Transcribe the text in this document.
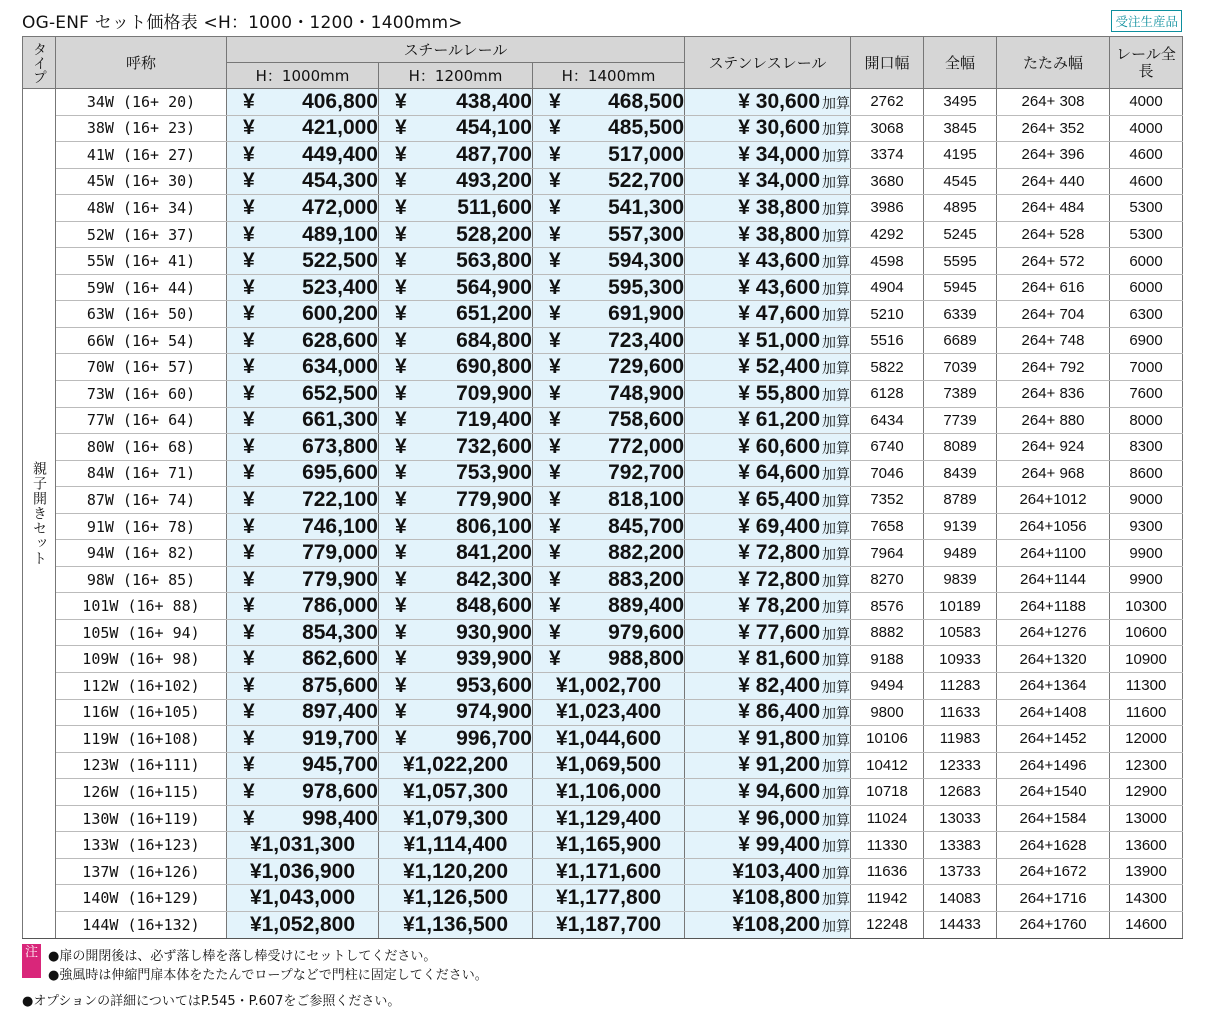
OG-ENF セット価格表 <H：1000・1200・1400mm>	受注生産品
タイプ	呼称	スチールレール			ステンレスレール	開口幅	全幅	たたみ幅	レール全長
		H：1000mm	H：1200mm	H：1400mm					
親子開きセット	34W (16+ 20)	¥ 406,800	¥ 438,400	¥ 468,500	¥ 30,600 加算	2762	3495	264+ 308	4000
	38W (16+ 23)	¥ 421,000	¥ 454,100	¥ 485,500	¥ 30,600 加算	3068	3845	264+ 352	4000
	41W (16+ 27)	¥ 449,400	¥ 487,700	¥ 517,000	¥ 34,000 加算	3374	4195	264+ 396	4600
	45W (16+ 30)	¥ 454,300	¥ 493,200	¥ 522,700	¥ 34,000 加算	3680	4545	264+ 440	4600
	48W (16+ 34)	¥ 472,000	¥ 511,600	¥ 541,300	¥ 38,800 加算	3986	4895	264+ 484	5300
	52W (16+ 37)	¥ 489,100	¥ 528,200	¥ 557,300	¥ 38,800 加算	4292	5245	264+ 528	5300
	55W (16+ 41)	¥ 522,500	¥ 563,800	¥ 594,300	¥ 43,600 加算	4598	5595	264+ 572	6000
	59W (16+ 44)	¥ 523,400	¥ 564,900	¥ 595,300	¥ 43,600 加算	4904	5945	264+ 616	6000
	63W (16+ 50)	¥ 600,200	¥ 651,200	¥ 691,900	¥ 47,600 加算	5210	6339	264+ 704	6300
	66W (16+ 54)	¥ 628,600	¥ 684,800	¥ 723,400	¥ 51,000 加算	5516	6689	264+ 748	6900
	70W (16+ 57)	¥ 634,000	¥ 690,800	¥ 729,600	¥ 52,400 加算	5822	7039	264+ 792	7000
	73W (16+ 60)	¥ 652,500	¥ 709,900	¥ 748,900	¥ 55,800 加算	6128	7389	264+ 836	7600
	77W (16+ 64)	¥ 661,300	¥ 719,400	¥ 758,600	¥ 61,200 加算	6434	7739	264+ 880	8000
	80W (16+ 68)	¥ 673,800	¥ 732,600	¥ 772,000	¥ 60,600 加算	6740	8089	264+ 924	8300
	84W (16+ 71)	¥ 695,600	¥ 753,900	¥ 792,700	¥ 64,600 加算	7046	8439	264+ 968	8600
	87W (16+ 74)	¥ 722,100	¥ 779,900	¥ 818,100	¥ 65,400 加算	7352	8789	264+1012	9000
	91W (16+ 78)	¥ 746,100	¥ 806,100	¥ 845,700	¥ 69,400 加算	7658	9139	264+1056	9300
	94W (16+ 82)	¥ 779,000	¥ 841,200	¥ 882,200	¥ 72,800 加算	7964	9489	264+1100	9900
	98W (16+ 85)	¥ 779,900	¥ 842,300	¥ 883,200	¥ 72,800 加算	8270	9839	264+1144	9900
	101W (16+ 88)	¥ 786,000	¥ 848,600	¥ 889,400	¥ 78,200 加算	8576	10189	264+1188	10300
	105W (16+ 94)	¥ 854,300	¥ 930,900	¥ 979,600	¥ 77,600 加算	8882	10583	264+1276	10600
	109W (16+ 98)	¥ 862,600	¥ 939,900	¥ 988,800	¥ 81,600 加算	9188	10933	264+1320	10900
	112W (16+102)	¥ 875,600	¥ 953,600	¥1,002,700	¥ 82,400 加算	9494	11283	264+1364	11300
	116W (16+105)	¥ 897,400	¥ 974,900	¥1,023,400	¥ 86,400 加算	9800	11633	264+1408	11600
	119W (16+108)	¥ 919,700	¥ 996,700	¥1,044,600	¥ 91,800 加算	10106	11983	264+1452	12000
	123W (16+111)	¥ 945,700	¥1,022,200	¥1,069,500	¥ 91,200 加算	10412	12333	264+1496	12300
	126W (16+115)	¥ 978,600	¥1,057,300	¥1,106,000	¥ 94,600 加算	10718	12683	264+1540	12900
	130W (16+119)	¥ 998,400	¥1,079,300	¥1,129,400	¥ 96,000 加算	11024	13033	264+1584	13000
	133W (16+123)	¥1,031,300	¥1,114,400	¥1,165,900	¥ 99,400 加算	11330	13383	264+1628	13600
	137W (16+126)	¥1,036,900	¥1,120,200	¥1,171,600	¥103,400 加算	11636	13733	264+1672	13900
	140W (16+129)	¥1,043,000	¥1,126,500	¥1,177,800	¥108,800 加算	11942	14083	264+1716	14300
	144W (16+132)	¥1,052,800	¥1,136,500	¥1,187,700	¥108,200 加算	12248	14433	264+1760	14600
注 ●扉の開閉後は、必ず落し棒を落し棒受けにセットしてください。
●強風時は伸縮門扉本体をたたんでロープなどで門柱に固定してください。
●オプションの詳細についてはP.545・P.607をご参照ください。
